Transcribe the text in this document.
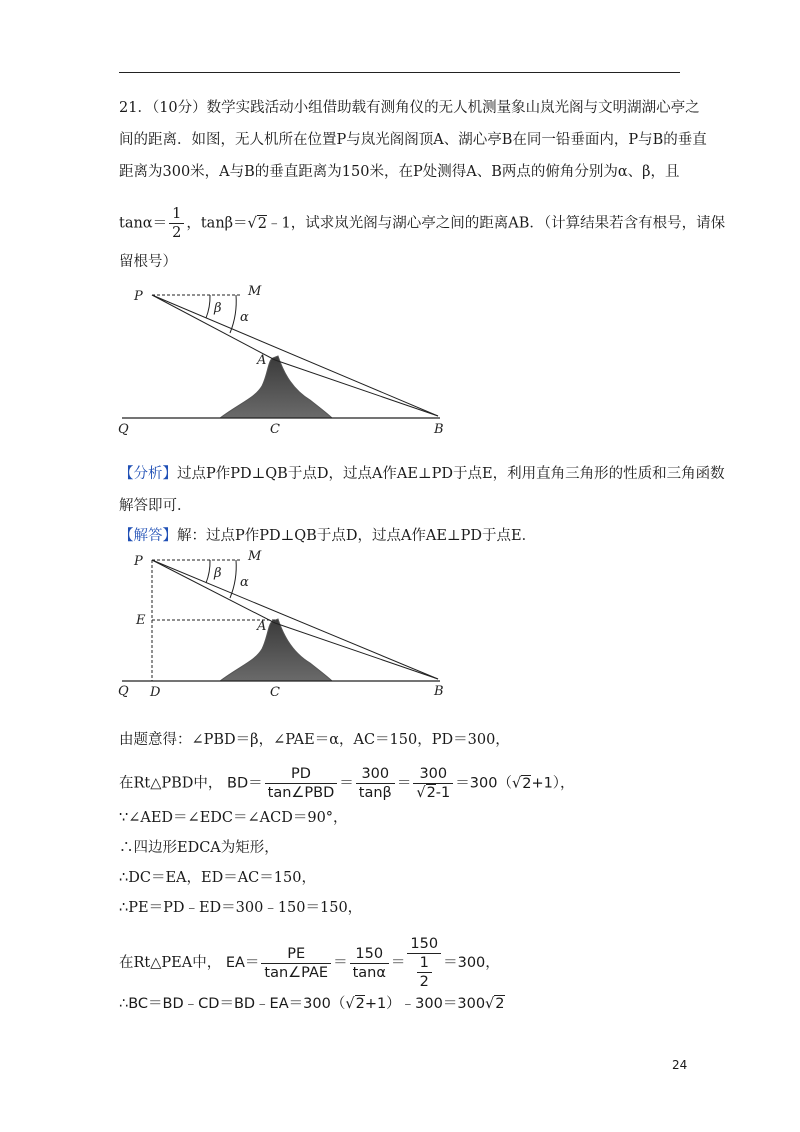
21．（10分）数学实践活动小组借助载有测角仪的无人机测量象山岚光阁与文明湖湖心亭之
间的距离．如图，无人机所在位置P与岚光阁阁顶A、湖心亭B在同一铅垂面内，P与B的垂直
距离为300米，A与B的垂直距离为150米，在P处测得A、B两点的俯角分别为α、β，且
$\tan\alpha= \frac{1}{2}$ ，tanβ＝√2﹣1，试求岚光阁与湖心亭之间的距离AB．（计算结果若含有根号，请保
留根号）
P	M
β
α
A
Q	C	B
【分析】过点P作PD⊥QB于点D，过点A作AE⊥PD于点E，利用直角三角形的性质和三角函数
解答即可．
【解答】解：过点P作PD⊥QB于点D，过点A作AE⊥PD于点E．
P	M
β
α
A
E
Q D	C	B
由题意得：∠PBD＝β，∠PAE＝α，AC＝150，PD＝300，
在Rt△PBD中， $BD= \frac{PD}{\text{tan∠PBD}} = \frac{300}{\tan\beta} = \frac{300}{√2-1} =300(√2+1)$，
∵∠AED＝∠EDC＝∠ACD＝90°，
∴四边形EDCA为矩形，
∴DC＝EA，ED＝AC＝150，
∴PE＝PD﹣ED＝300﹣150＝150，
在Rt△PEA中， $EA= \frac{PE}{\text{tan∠PAE}} = \frac{150}{\tan\alpha} = \frac{150}{\frac{1}{2}} =300$，
∴BC＝BD﹣CD＝BD﹣EA＝300（√2+1）﹣300＝300√2
24
